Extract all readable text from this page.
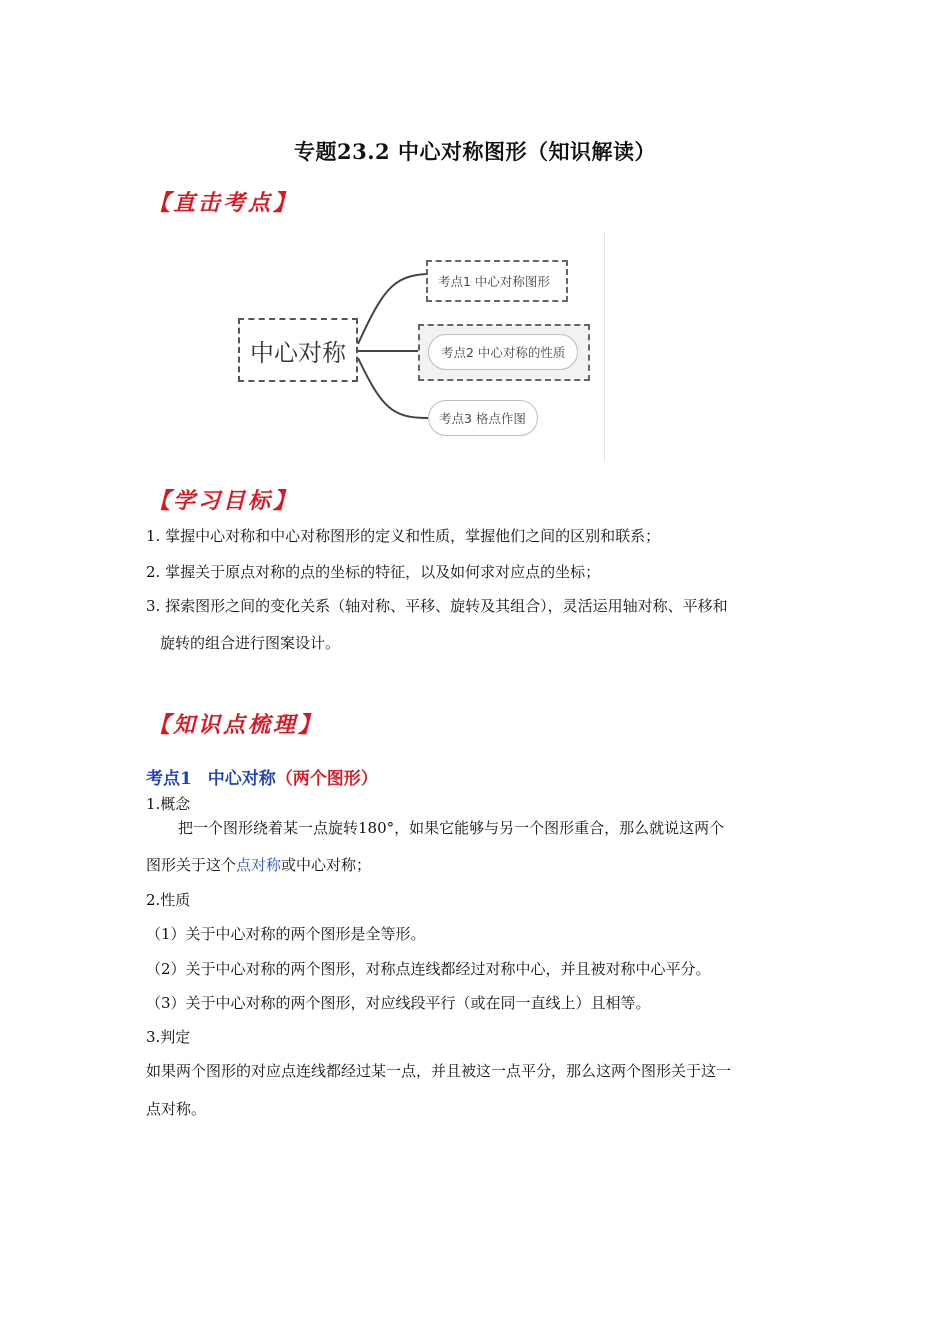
专题23.2 中心对称图形（知识解读）
【直击考点】
中心对称
考点1 中心对称图形
考点2 中心对称的性质
考点3 格点作图
【学习目标】
1. 掌握中心对称和中心对称图形的定义和性质，掌握他们之间的区别和联系；
2. 掌握关于原点对称的点的坐标的特征，以及如何求对应点的坐标；
3. 探索图形之间的变化关系（轴对称、平移、旋转及其组合），灵活运用轴对称、平移和
旋转的组合进行图案设计。
【知识点梳理】
考点1 中心对称（两个图形）
1.概念
把一个图形绕着某一点旋转180°，如果它能够与另一个图形重合，那么就说这两个
图形关于这个点对称或中心对称；
2.性质
（1）关于中心对称的两个图形是全等形。
（2）关于中心对称的两个图形，对称点连线都经过对称中心，并且被对称中心平分。
（3）关于中心对称的两个图形，对应线段平行（或在同一直线上）且相等。
3.判定
如果两个图形的对应点连线都经过某一点，并且被这一点平分，那么这两个图形关于这一
点对称。
